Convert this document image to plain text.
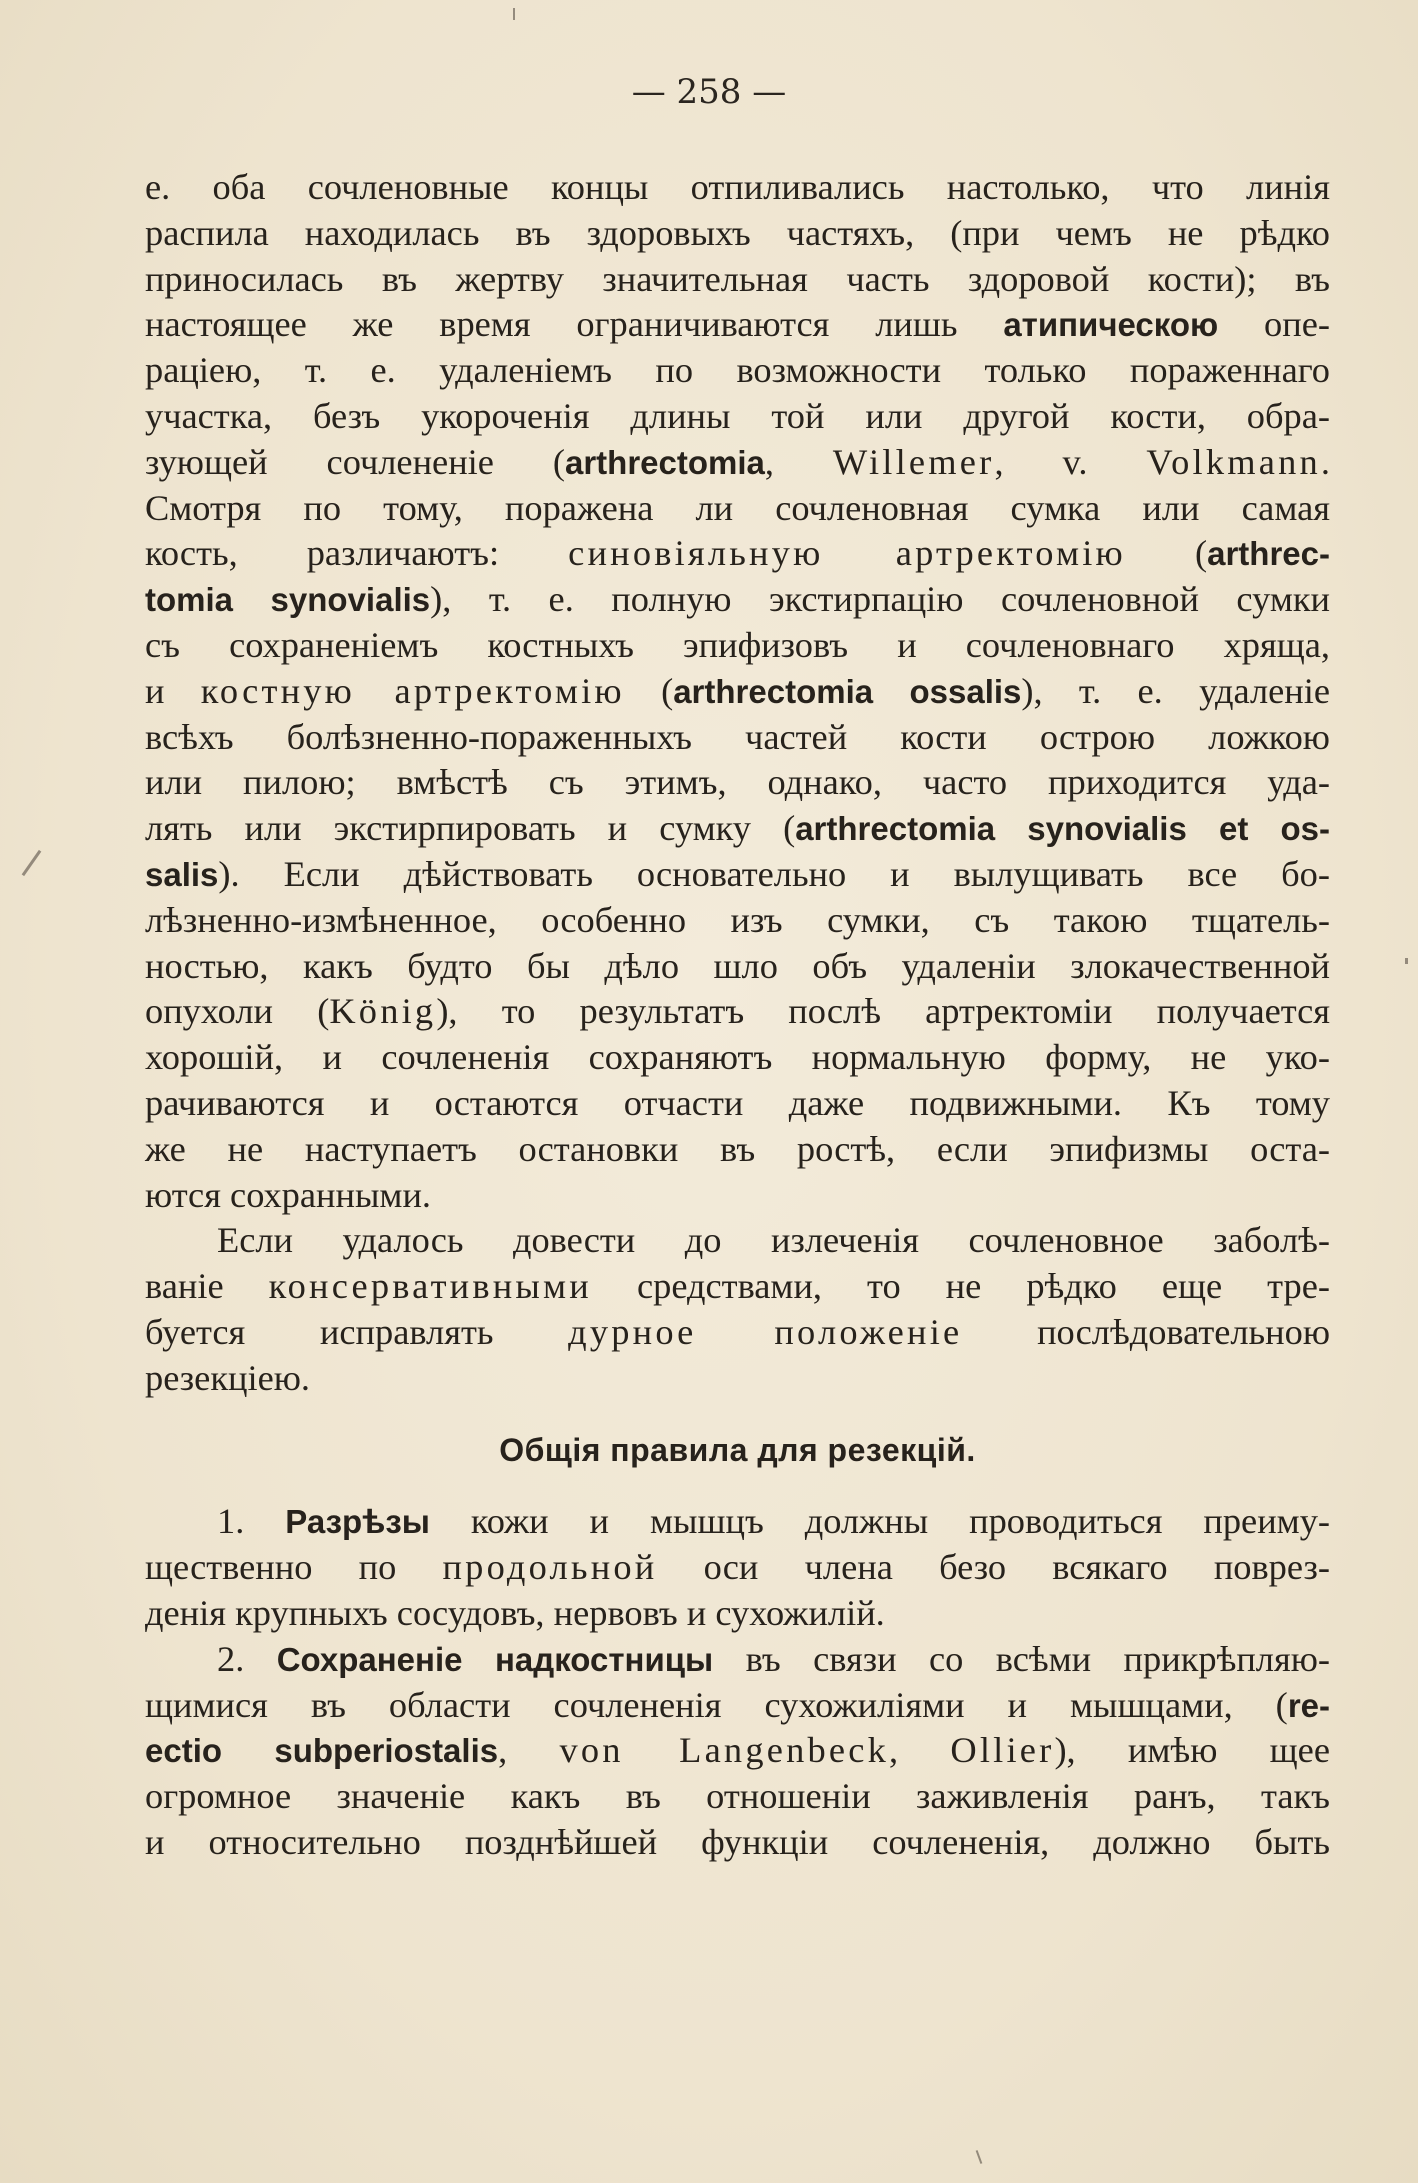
— 258 —
е. оба сочленовные концы отпиливались настолько, что линія
распила находилась въ здоровыхъ частяхъ, (при чемъ не рѣдко
приносилась въ жертву значительная часть здоровой кости); въ
настоящее же время ограничиваются лишь атипическою опе-
раціею, т. е. удаленіемъ по возможности только пораженнаго
участка, безъ укороченія длины той или другой кости, обра-
зующей сочлененіе (arthrectomia, Willemer, v. Volkmann.
Смотря по тому, поражена ли сочленовная сумка или самая
кость, различаютъ: синовіяльную артректомію (arthrec-
tomia synovialis), т. е. полную экстирпацію сочленовной сумки
съ сохраненіемъ костныхъ эпифизовъ и сочленовнаго хряща,
и костную артректомію (arthrectomia ossalis), т. е. удаленіе
всѣхъ болѣзненно-пораженныхъ частей кости острою ложкою
или пилою; вмѣстѣ съ этимъ, однако, часто приходится уда-
лять или экстирпировать и сумку (arthrectomia synovialis et os-
salis). Если дѣйствовать основательно и вылущивать все бо-
лѣзненно-измѣненное, особенно изъ сумки, съ такою тщатель-
ностью, какъ будто бы дѣло шло объ удаленіи злокачественной
опухоли (König), то результатъ послѣ артректоміи получается
хорошій, и сочлененія сохраняютъ нормальную форму, не уко-
рачиваются и остаются отчасти даже подвижными. Къ тому
же не наступаетъ остановки въ ростѣ, если эпифизмы оста-
ются сохранными.
Если удалось довести до излеченія сочленовное заболѣ-
ваніе консервативными средствами, то не рѣдко еще тре-
буется исправлять дурное положеніе послѣдовательною
резекціею.
Общія правила для резекцій.
1. Разрѣзы кожи и мышцъ должны проводиться преиму-
щественно по продольной оси члена безо всякаго поврез-
денія крупныхъ сосудовъ, нервовъ и сухожилій.
2. Сохраненіе надкостницы въ связи со всѣми прикрѣпляю-
щимися въ области сочлененія сухожиліями и мышцами, (re-
ectio subperiostalis, von Langenbeck, Ollier), имѣю щее
огромное значеніе какъ въ отношеніи заживленія ранъ, такъ
и относительно позднѣйшей функціи сочлененія, должно быть
